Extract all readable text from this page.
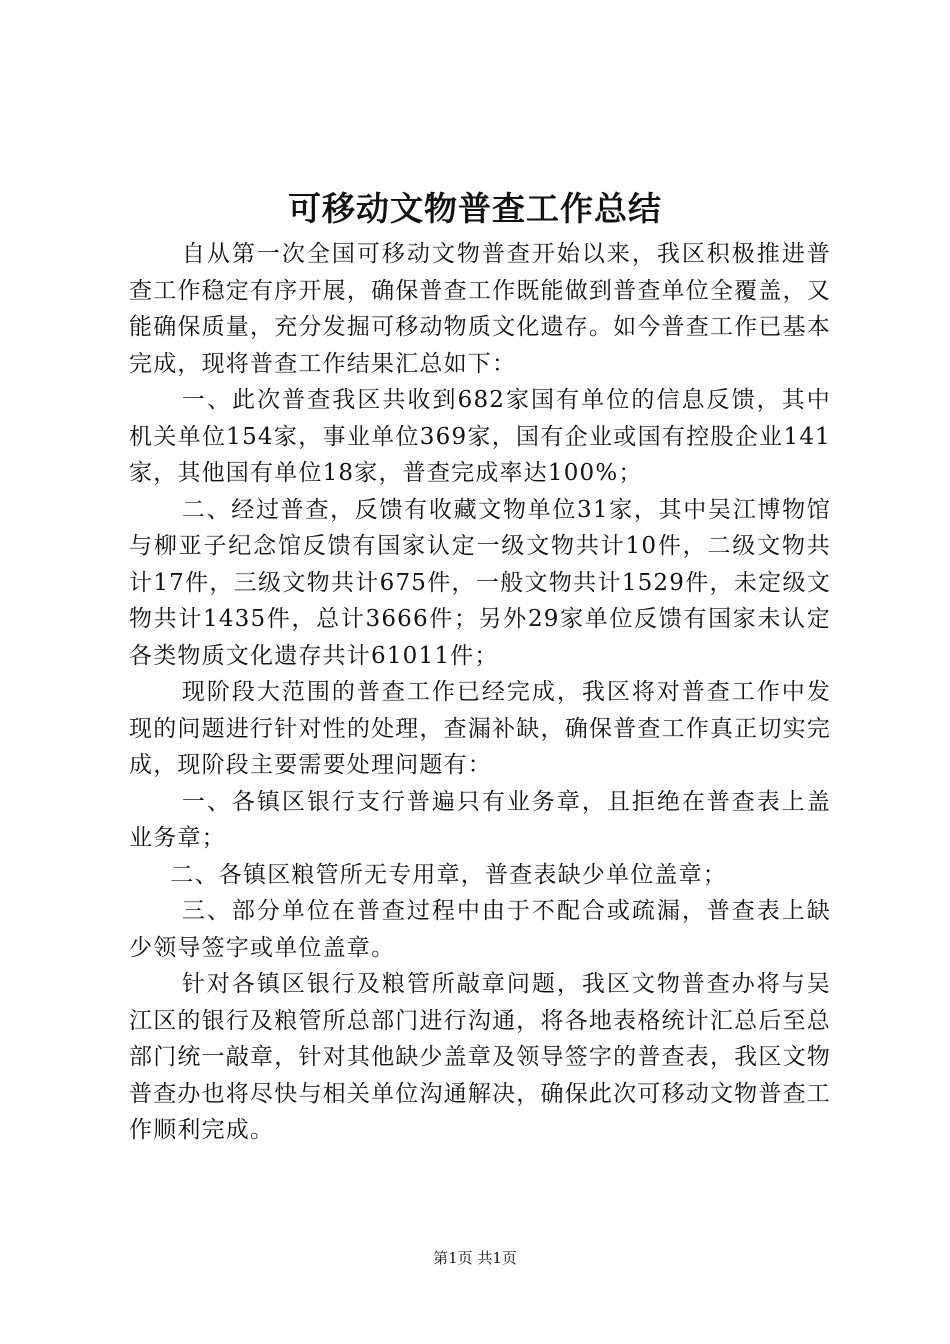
可移动文物普查工作总结

自从第一次全国可移动文物普查开始以来，我区积极推进普查工作稳定有序开展，确保普查工作既能做到普查单位全覆盖，又能确保质量，充分发掘可移动物质文化遗存。如今普查工作已基本完成，现将普查工作结果汇总如下：

一、此次普查我区共收到682家国有单位的信息反馈，其中机关单位154家，事业单位369家，国有企业或国有控股企业141家，其他国有单位18家，普查完成率达100%；

二、经过普查，反馈有收藏文物单位31家，其中吴江博物馆与柳亚子纪念馆反馈有国家认定一级文物共计10件，二级文物共计17件，三级文物共计675件，一般文物共计1529件，未定级文物共计1435件，总计3666件；另外29家单位反馈有国家未认定各类物质文化遗存共计61011件；

现阶段大范围的普查工作已经完成，我区将对普查工作中发现的问题进行针对性的处理，查漏补缺，确保普查工作真正切实完成，现阶段主要需要处理问题有：

一、各镇区银行支行普遍只有业务章，且拒绝在普查表上盖业务章；

二、各镇区粮管所无专用章，普查表缺少单位盖章；

三、部分单位在普查过程中由于不配合或疏漏，普查表上缺少领导签字或单位盖章。

针对各镇区银行及粮管所敲章问题，我区文物普查办将与吴江区的银行及粮管所总部门进行沟通，将各地表格统计汇总后至总部门统一敲章，针对其他缺少盖章及领导签字的普查表，我区文物普查办也将尽快与相关单位沟通解决，确保此次可移动文物普查工作顺利完成。

第1页 共1页
